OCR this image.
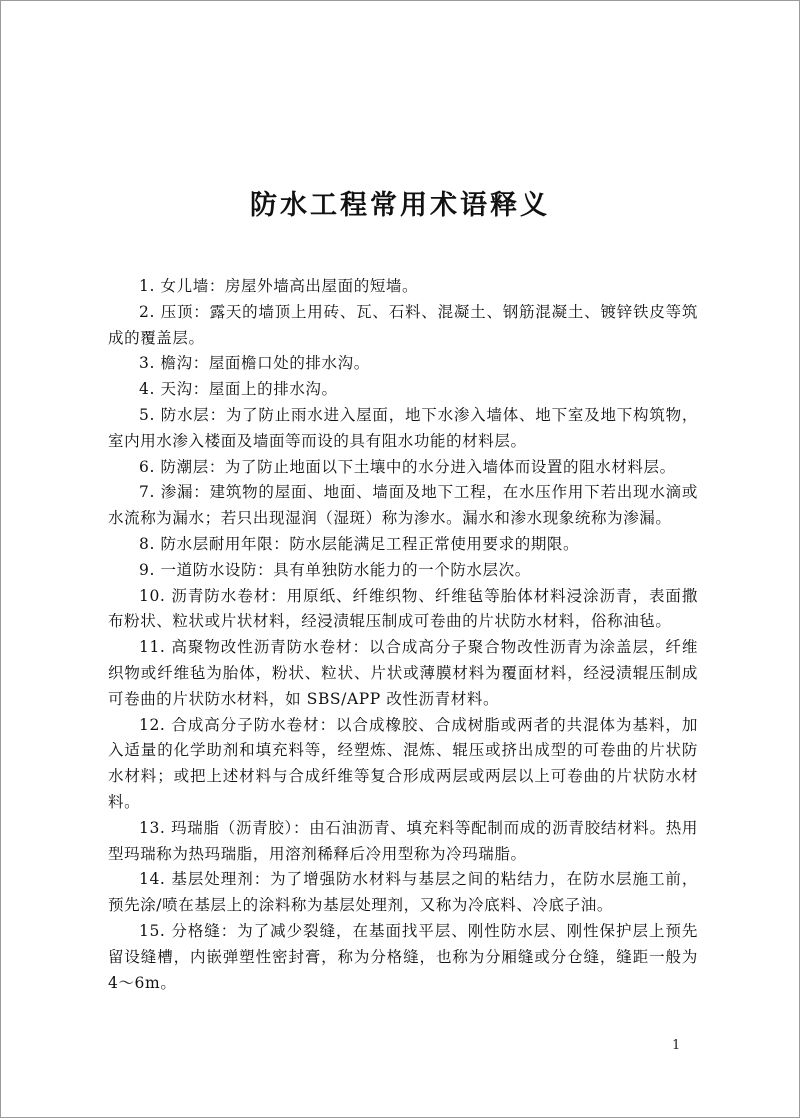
防水工程常用术语释义

1. 女儿墙：房屋外墙高出屋面的短墙。

2. 压顶：露天的墙顶上用砖、瓦、石料、混凝土、钢筋混凝土、镀锌铁皮等筑成的覆盖层。

3. 檐沟：屋面檐口处的排水沟。

4. 天沟：屋面上的排水沟。

5. 防水层：为了防止雨水进入屋面，地下水渗入墙体、地下室及地下构筑物，室内用水渗入楼面及墙面等而设的具有阻水功能的材料层。

6. 防潮层：为了防止地面以下土壤中的水分进入墙体而设置的阻水材料层。

7. 渗漏：建筑物的屋面、地面、墙面及地下工程，在水压作用下若出现水滴或水流称为漏水；若只出现湿润（湿斑）称为渗水。漏水和渗水现象统称为渗漏。

8. 防水层耐用年限：防水层能满足工程正常使用要求的期限。

9. 一道防水设防：具有单独防水能力的一个防水层次。

10. 沥青防水卷材：用原纸、纤维织物、纤维毡等胎体材料浸涂沥青，表面撒布粉状、粒状或片状材料，经浸渍辊压制成可卷曲的片状防水材料，俗称油毡。

11. 高聚物改性沥青防水卷材：以合成高分子聚合物改性沥青为涂盖层，纤维织物或纤维毡为胎体，粉状、粒状、片状或薄膜材料为覆面材料，经浸渍辊压制成可卷曲的片状防水材料，如 SBS/APP 改性沥青材料。

12. 合成高分子防水卷材：以合成橡胶、合成树脂或两者的共混体为基料，加入适量的化学助剂和填充料等，经塑炼、混炼、辊压或挤出成型的可卷曲的片状防水材料；或把上述材料与合成纤维等复合形成两层或两层以上可卷曲的片状防水材料。

13. 玛瑞脂（沥青胶）：由石油沥青、填充料等配制而成的沥青胶结材料。热用型玛瑞称为热玛瑞脂，用溶剂稀释后冷用型称为冷玛瑞脂。

14. 基层处理剂：为了增强防水材料与基层之间的粘结力，在防水层施工前，预先涂/喷在基层上的涂料称为基层处理剂，又称为冷底料、冷底子油。

15. 分格缝：为了减少裂缝，在基面找平层、刚性防水层、刚性保护层上预先留设缝槽，内嵌弹塑性密封膏，称为分格缝，也称为分厢缝或分仓缝，缝距一般为 4～6m。

1
